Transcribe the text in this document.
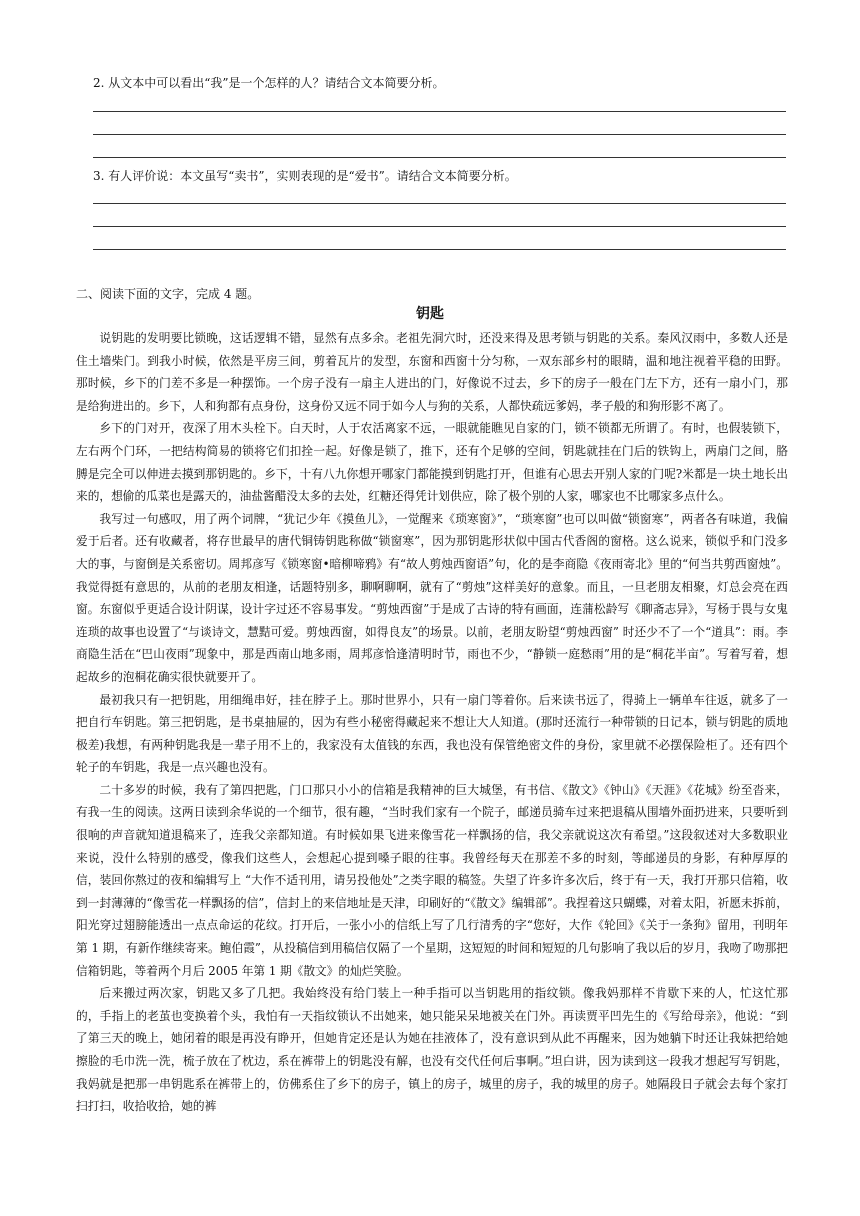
2. 从文本中可以看出“我”是一个怎样的人？请结合文本简要分析。
3. 有人评价说：本文虽写“卖书”，实则表现的是“爱书”。请结合文本简要分析。
二、阅读下面的文字，完成 4 题。
钥匙

说钥匙的发明要比锁晚，这话逻辑不错，显然有点多余。老祖先洞穴时，还没来得及思考锁与钥匙的关系。秦风汉雨中，多数人还是住土墙柴门。到我小时候，依然是平房三间，剪着瓦片的发型，东窗和西窗十分匀称，一双东部乡村的眼睛，温和地注视着平稳的田野。那时候，乡下的门差不多是一种摆饰。一个房子没有一扇主人进出的门，好像说不过去，乡下的房子一般在门左下方，还有一扇小门，那是给狗进出的。乡下，人和狗都有点身份，这身份又远不同于如今人与狗的关系，人都快疏远爹妈，孝子般的和狗形影不离了。

乡下的门对开，夜深了用木头栓下。白天时，人于农活离家不远，一眼就能瞧见自家的门，锁不锁都无所谓了。有时，也假装锁下，左右两个门环，一把结构简易的锁将它们扣拴一起。好像是锁了，推下，还有个足够的空间，钥匙就挂在门后的铁钩上，两扇门之间，胳膊是完全可以伸进去摸到那钥匙的。乡下，十有八九你想开哪家门都能摸到钥匙打开，但谁有心思去开别人家的门呢?米都是一块土地长出来的，想偷的瓜菜也是露天的，油盐酱醋没太多的去处，红糖还得凭计划供应，除了极个别的人家，哪家也不比哪家多点什么。

我写过一句感叹，用了两个词牌，“犹记少年《摸鱼儿》，一觉醒来《琐寒窗》”，“琐寒窗”也可以叫做“锁窗寒”，两者各有味道，我偏爱于后者。还有收藏者，将存世最早的唐代铜铸钥匙称做“锁窗寒”，因为那钥匙形状似中国古代香阁的窗格。这么说来，锁似乎和门没多大的事，与窗倒是关系密切。周邦彦写《锁寒窗•暗柳啼鸦》有“故人剪烛西窗语”句，化的是李商隐《夜雨寄北》里的“何当共剪西窗烛”。我觉得挺有意思的，从前的老朋友相逢，话题特别多，聊啊聊啊，就有了“剪烛”这样美好的意象。而且，一旦老朋友相聚，灯总会亮在西窗。东窗似乎更适合设计阴谋，设计字过还不容易事发。“剪烛西窗”于是成了古诗的特有画面，连蒲松龄写《聊斋志异》，写杨于畏与女鬼连琐的故事也设置了“与谈诗文，慧黠可爱。剪烛西窗，如得良友”的场景。以前，老朋友盼望“剪烛西窗” 时还少不了一个“道具”：雨。李商隐生活在“巴山夜雨”现象中，那是西南山地多雨，周邦彦恰逢清明时节，雨也不少，“静锁一庭愁雨”用的是“桐花半亩”。写着写着，想起故乡的泡桐花确实很快就要开了。

最初我只有一把钥匙，用细绳串好，挂在脖子上。那时世界小，只有一扇门等着你。后来读书远了，得骑上一辆单车往返，就多了一把自行车钥匙。第三把钥匙，是书桌抽屉的，因为有些小秘密得藏起来不想让大人知道。(那时还流行一种带锁的日记本，锁与钥匙的质地极差)我想，有两种钥匙我是一辈子用不上的，我家没有太值钱的东西，我也没有保管绝密文件的身份，家里就不必摆保险柜了。还有四个轮子的车钥匙，我是一点兴趣也没有。

二十多岁的时候，我有了第四把匙，门口那只小小的信箱是我精神的巨大城堡，有书信、《散文》《钟山》《天涯》《花城》纷至沓来，有我一生的阅读。这两日读到余华说的一个细节，很有趣，“当时我们家有一个院子，邮递员骑车过来把退稿从围墙外面扔进来，只要听到很响的声音就知道退稿来了，连我父亲都知道。有时候如果飞进来像雪花一样飘扬的信，我父亲就说这次有希望。”这段叙述对大多数职业来说，没什么特别的感受，像我们这些人，会想起心提到嗓子眼的往事。我曾经每天在那差不多的时刻，等邮递员的身影，有种厚厚的信，装回你熬过的夜和编辑写上 “大作不适刊用，请另投他处”之类字眼的稿签。失望了许多许多次后，终于有一天，我打开那只信箱，收到一封薄薄的“像雪花一样飘扬的信”，信封上的来信地址是天津，印刷好的“《散文》编辑部”。我捏着这只蝴蝶，对着太阳，祈愿未拆前，阳光穿过翅膀能透出一点点命运的花纹。打开后，一张小小的信纸上写了几行清秀的字“您好，大作《轮回》《关于一条狗》留用，刊明年第 1 期，有新作继续寄来。鲍伯霞”，从投稿信到用稿信仅隔了一个星期，这短短的时间和短短的几句影响了我以后的岁月，我吻了吻那把信箱钥匙，等着两个月后 2005 年第 1 期《散文》的灿烂笑脸。

后来搬过两次家，钥匙又多了几把。我始终没有给门装上一种手指可以当钥匙用的指纹锁。像我妈那样不肯歇下来的人，忙这忙那的，手指上的老茧也变换着个头，我怕有一天指纹锁认不出她来，她只能呆呆地被关在门外。再读贾平凹先生的《写给母亲》，他说：“到了第三天的晚上，她闭着的眼是再没有睁开，但她肯定还是认为她在挂液体了，没有意识到从此不再醒来，因为她躺下时还让我妹把给她擦脸的毛巾洗一洗，梳子放在了枕边，系在裤带上的钥匙没有解，也没有交代任何后事啊。”坦白讲，因为读到这一段我才想起写写钥匙，我妈就是把那一串钥匙系在裤带上的，仿佛系住了乡下的房子，镇上的房子，城里的房子，我的城里的房子。她隔段日子就会去每个家打扫打扫，收拾收拾，她的裤
